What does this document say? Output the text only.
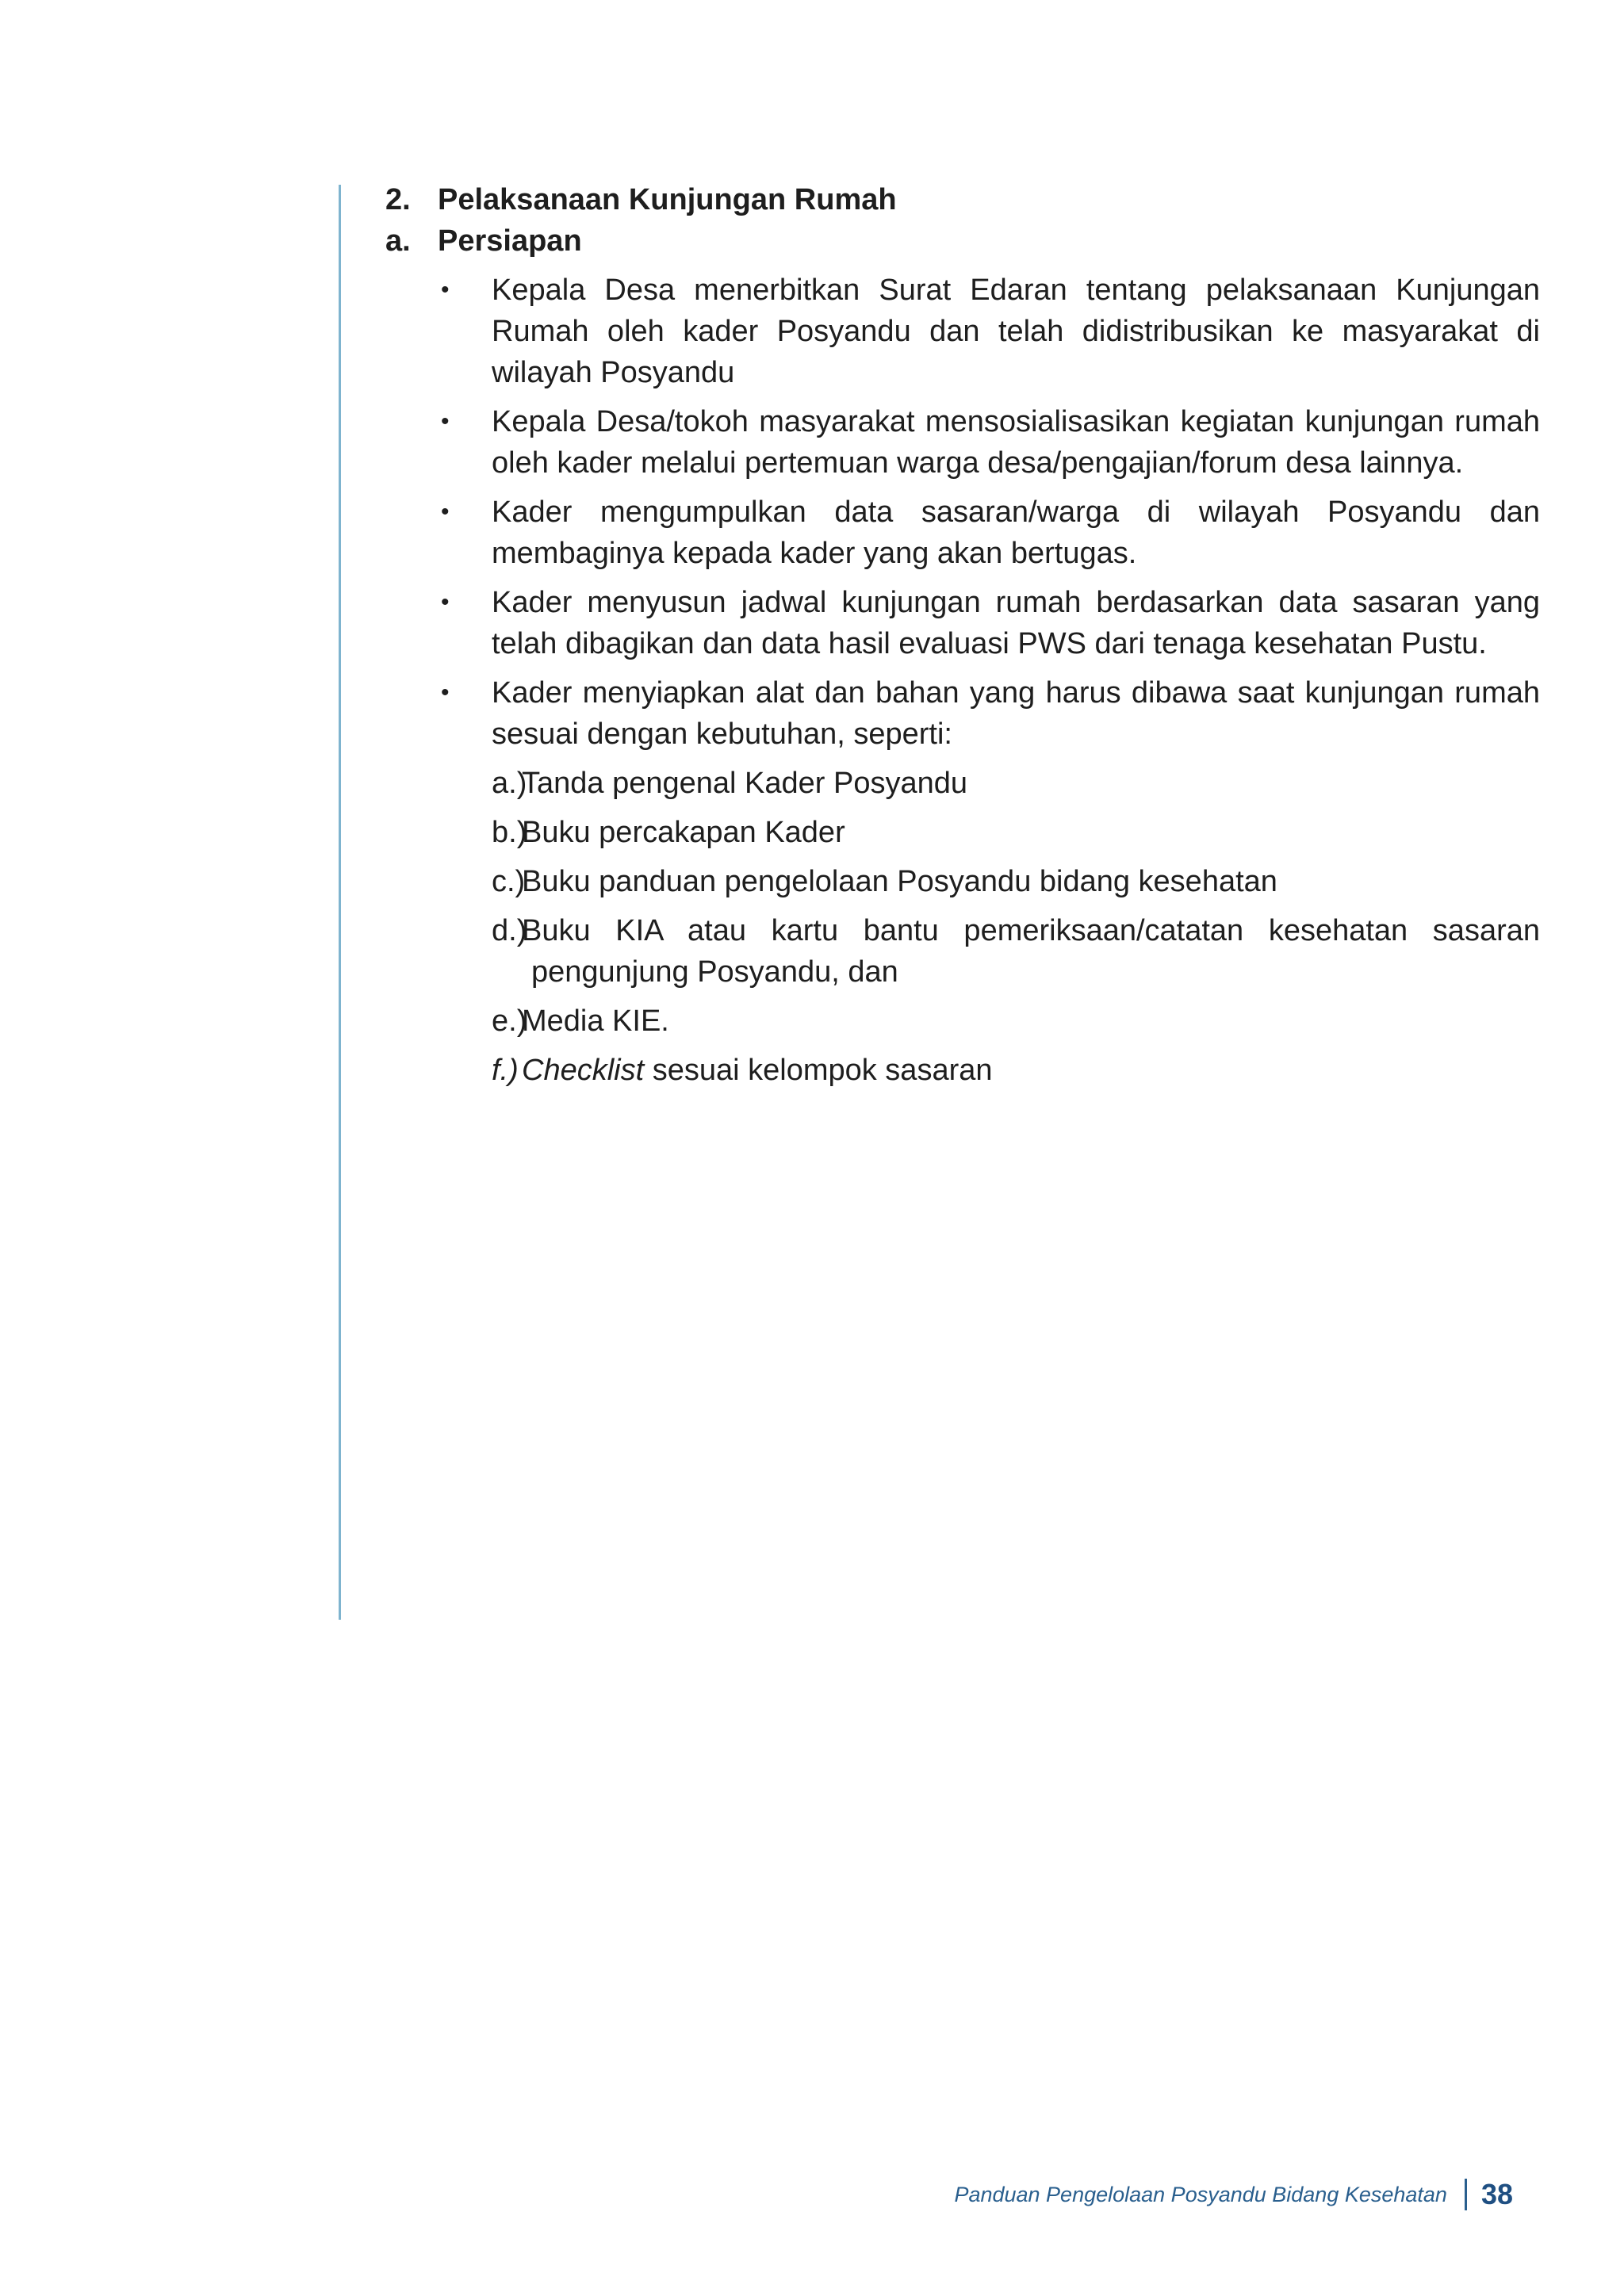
2. Pelaksanaan Kunjungan Rumah
a. Persiapan
• Kepala Desa menerbitkan Surat Edaran tentang pelaksanaan Kunjungan Rumah oleh kader Posyandu dan telah didistribusikan ke masyarakat di wilayah Posyandu
• Kepala Desa/tokoh masyarakat mensosialisasikan kegiatan kunjungan rumah oleh kader melalui pertemuan warga desa/pengajian/forum desa lainnya.
• Kader mengumpulkan data sasaran/warga di wilayah Posyandu dan membaginya kepada kader yang akan bertugas.
• Kader menyusun jadwal kunjungan rumah berdasarkan data sasaran yang telah dibagikan dan data hasil evaluasi PWS dari tenaga kesehatan Pustu.
• Kader menyiapkan alat dan bahan yang harus dibawa saat kunjungan rumah sesuai dengan kebutuhan, seperti:
a.)
Tanda pengenal Kader Posyandu
b.)
Buku percakapan Kader
c.)
Buku panduan pengelolaan Posyandu bidang kesehatan
d.)
Buku KIA atau kartu bantu pemeriksaan/catatan kesehatan sasaran pengunjung Posyandu, dan
e.)
Media KIE.
f.) Checklist sesuai kelompok sasaran
Panduan Pengelolaan Posyandu Bidang Kesehatan	38
